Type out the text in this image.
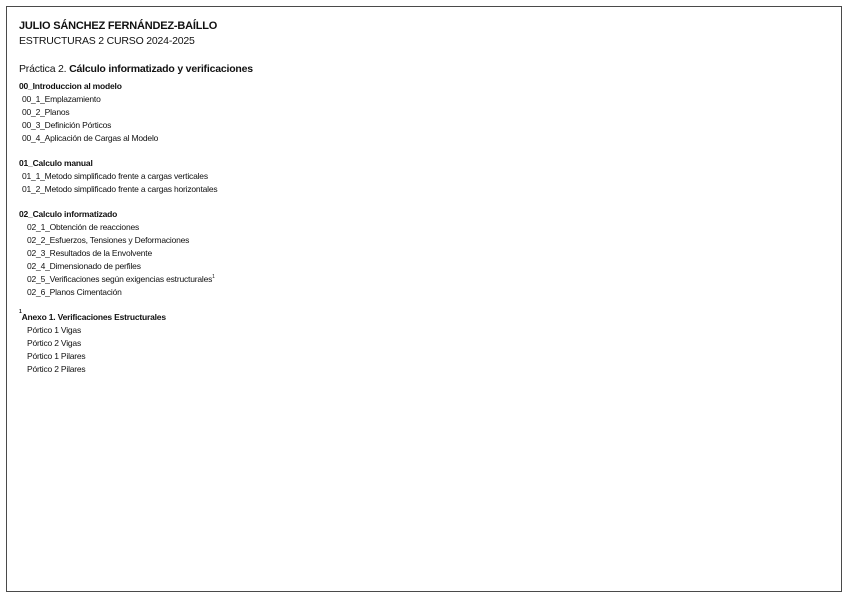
JULIO SÁNCHEZ FERNÁNDEZ-BAÍLLO
ESTRUCTURAS 2 CURSO 2024-2025
Práctica 2. Cálculo informatizado y verificaciones
00_Introduccion al modelo
00_1_Emplazamiento
00_2_Planos
00_3_Definición Pórticos
00_4_Aplicación de Cargas al Modelo
01_Calculo manual
01_1_Metodo simplificado frente a cargas verticales
01_2_Metodo simplificado frente a cargas horizontales
02_Calculo informatizado
02_1_Obtención de reacciones
02_2_Esfuerzos, Tensiones y Deformaciones
02_3_Resultados de la Envolvente
02_4_Dimensionado de perfiles
02_5_Verificaciones según exigencias estructurales$^1$
02_6_Planos Cimentación
$^1$Anexo 1. Verificaciones Estructurales
Pórtico 1 Vigas
Pórtico 2 Vigas
Pórtico 1 Pilares
Pórtico 2 Pilares
